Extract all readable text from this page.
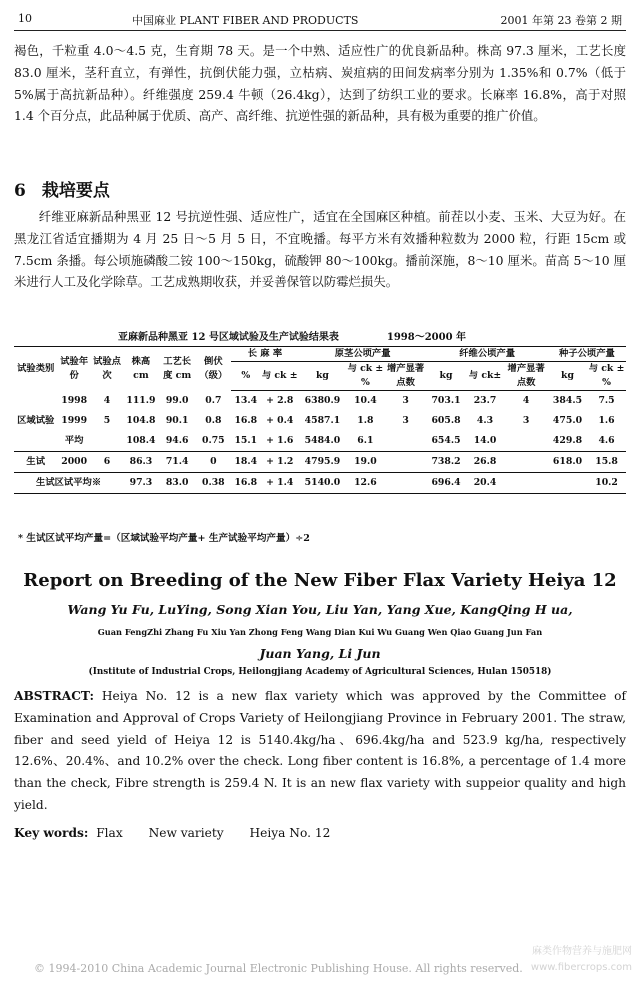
10	中国麻业 PLANT FIBER AND PRODUCTS	2001 年第 23 卷第 2 期
褐色，千粒重 4.0～4.5 克，生育期 78 天。是一个中熟、适应性广的优良新品种。株高 97.3 厘米，工艺长度 83.0 厘米，茎秆直立，有弹性，抗倒伏能力强，立枯病、炭疽病的田间发病率分别为 1.35%和 0.7%（低于 5%属于高抗新品种）。纤维强度 259.4 牛顿（26.4kg），达到了纺织工业的要求。长麻率 16.8%，高于对照 1.4 个百分点，此品种属于优质、高产、高纤维、抗逆性强的新品种，具有极为重要的推广价值。
6 栽培要点
纤维亚麻新品种黑亚 12 号抗逆性强、适应性广，适宜在全国麻区种植。前茬以小麦、玉米、大豆为好。在黑龙江省适宜播期为 4 月 25 日～5 月 5 日，不宜晚播。每平方米有效播种粒数为 2000 粒，行距 15cm 或 7.5cm 条播。每公顷施磷酸二铵 100～150kg，硫酸钾 80～100kg。播前深施，8～10 厘米。苗高 5～10 厘米进行人工及化学除草。工艺成熟期收获，并妥善保管以防霉烂损失。
亚麻新品种黑亚 12 号区域试验及生产试验结果表	1998～2000 年
试验类别	试验年份	试验点次	株高 cm	工艺长度 cm	倒伏（级）	长 麻 率		原茎公顷产量			纤维公顷产量			种子公顷产量	
						%	与 ck ±	kg	与 ck ± %	增产显著点数	kg	与 ck±	增产显著点数	kg	与 ck ± %
区域试验	1998	4	111.9	99.0	0.7	13.4	+ 2.8	6380.9	10.4	3	703.1	23.7	4	384.5	7.5
	1999	5	104.8	90.1	0.8	16.8	+ 0.4	4587.1	1.8	3	605.8	4.3	3	475.0	1.6
	平均		108.4	94.6	0.75	15.1	+ 1.6	5484.0	6.1		654.5	14.0		429.8	4.6
生试	2000	6	86.3	71.4	0	18.4	+ 1.2	4795.9	19.0		738.2	26.8		618.0	15.8
生试区试平均※			97.3	83.0	0.38	16.8	+ 1.4	5140.0	12.6		696.4	20.4			10.2
* 生试区试平均产量=（区域试验平均产量+ 生产试验平均产量）÷2
Report on Breeding of the New Fiber Flax Variety Heiya 12
Wang Yu Fu, LuYing, Song Xian You, Liu Yan, Yang Xue, KangQing H ua,
Guan FengZhi Zhang Fu Xiu Yan Zhong Feng Wang Dian Kui Wu Guang Wen Qiao Guang Jun Fan
Juan Yang, Li Jun
(Institute of Industrial Crops, Heilongjiang Academy of Agricultural Sciences, Hulan 150518)
ABSTRACT: Heiya No. 12 is a new flax variety which was approved by the Committee of Examination and Approval of Crops Variety of Heilongjiang Province in February 2001. The straw, fiber and seed yield of Heiya 12 is 5140.4kg/ha、696.4kg/ha and 523.9 kg/ha, respectively 12.6%、20.4%、and 10.2% over the check. Long fiber content is 16.8%, a percentage of 1.4 more than the check, Fibre strength is 259.4 N. It is an new flax variety with suppeior quality and high yield.
Key words: Flax New variety Heiya No. 12
© 1994-2010 China Academic Journal Electronic Publishing House. All rights reserved.
麻类作物营养与施肥网
www.fibercrops.com
